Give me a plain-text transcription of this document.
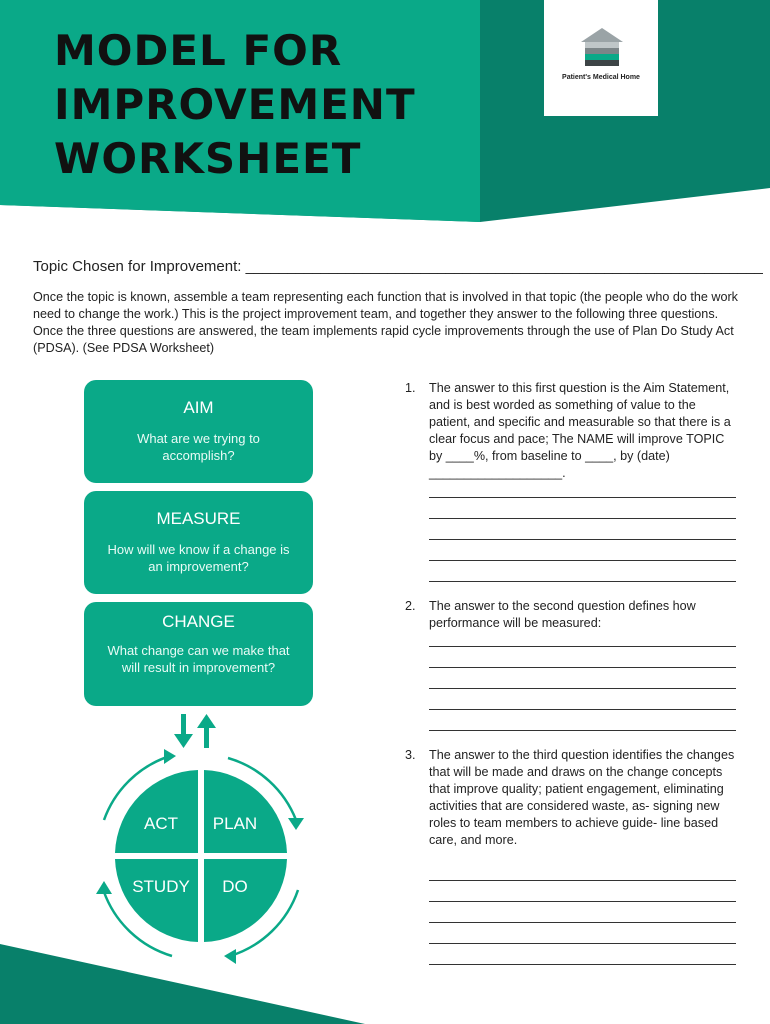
MODEL FOR
IMPROVEMENT
WORKSHEET
Patient's Medical Home
Topic Chosen for Improvement: ______________________________________________________________

Once the topic is known, assemble a team representing each function that is involved in that topic (the people who do the work need to change the work.) This is the project improvement team, and together they answer to the following three questions. Once the three questions are answered, the team implements rapid cycle improvements through the use of Plan Do Study Act (PDSA). (See PDSA Worksheet)

AIM
What are we trying to accomplish?
MEASURE
How will we know if a change is an improvement?
CHANGE
What change can we make that will result in improvement?
ACT PLAN
STUDY DO
1. The answer to this first question is the Aim Statement, and is best worded as something of value to the patient, and specific and measurable so that there is a clear focus and pace; The NAME will improve TOPIC by ____%, from baseline to ____, by (date) ___________________.
2. The answer to the second question defines how performance will be measured:
3. The answer to the third question identifies the changes that will be made and draws on the change concepts that improve quality; patient engagement, eliminating activities that are considered waste, as- signing new roles to team members to achieve guide- line based care, and more.
